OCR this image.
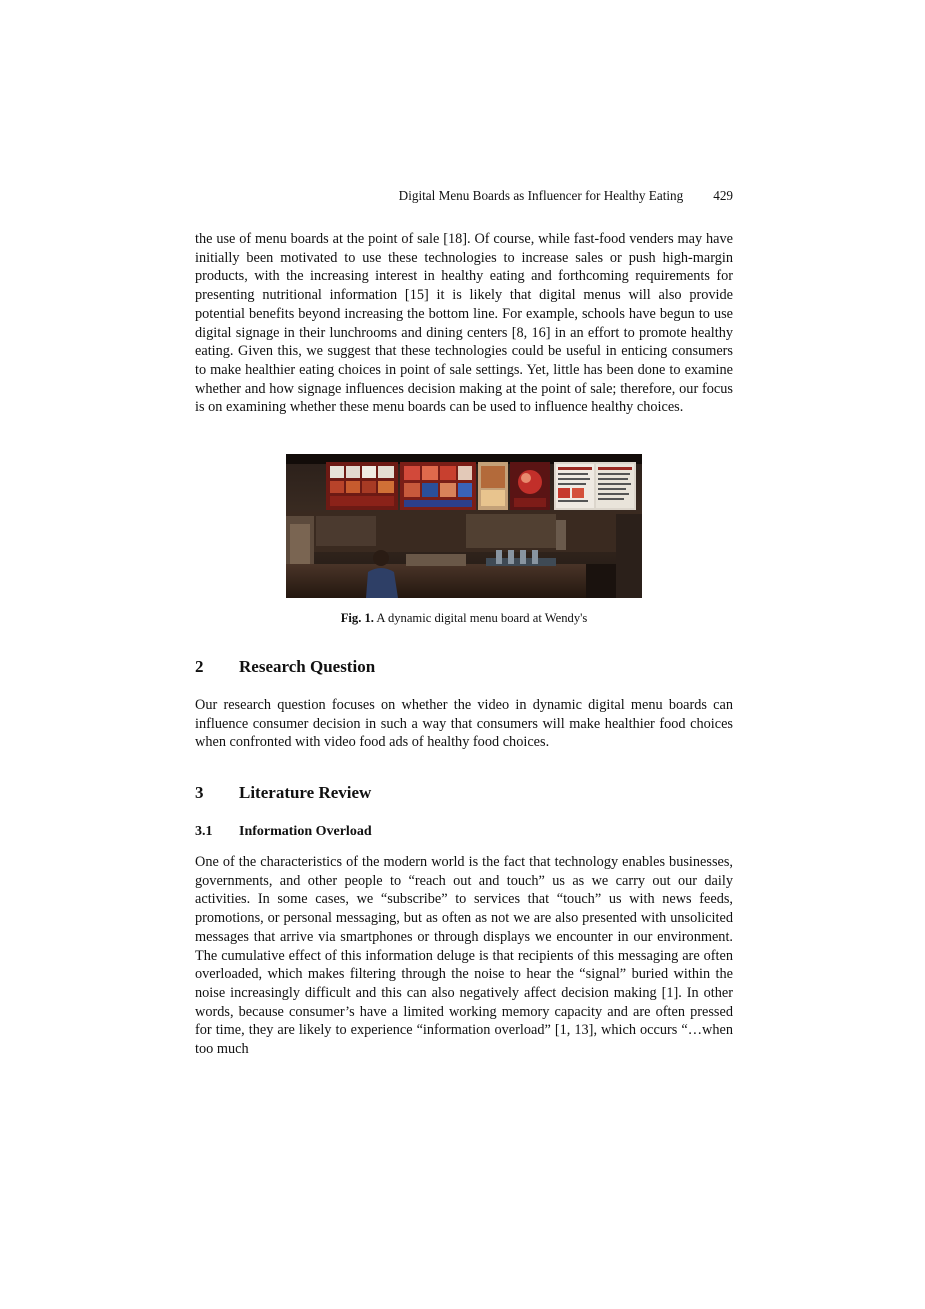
Digital Menu Boards as Influencer for Healthy Eating 429

the use of menu boards at the point of sale [18]. Of course, while fast-food venders may have initially been motivated to use these technologies to increase sales or push high-margin products, with the increasing interest in healthy eating and forthcoming requirements for presenting nutritional information [15] it is likely that digital menus will also provide potential benefits beyond increasing the bottom line. For example, schools have begun to use digital signage in their lunchrooms and dining centers [8, 16] in an effort to promote healthy eating. Given this, we suggest that these technologies could be useful in enticing consumers to make healthier eating choices in point of sale settings. Yet, little has been done to examine whether and how signage influences decision making at the point of sale; therefore, our focus is on examining whether these menu boards can be used to influence healthy choices.

Fig. 1. A dynamic digital menu board at Wendy's
2 Research Question

Our research question focuses on whether the video in dynamic digital menu boards can influence consumer decision in such a way that consumers will make healthier food choices when confronted with video food ads of healthy food choices.

3 Literature Review
3.1 Information Overload

One of the characteristics of the modern world is the fact that technology enables businesses, governments, and other people to “reach out and touch” us as we carry out our daily activities. In some cases, we “subscribe” to services that “touch” us with news feeds, promotions, or personal messaging, but as often as not we are also presented with unsolicited messages that arrive via smartphones or through displays we encounter in our environment. The cumulative effect of this information deluge is that recipients of this messaging are often overloaded, which makes filtering through the noise to hear the “signal” buried within the noise increasingly difficult and this can also negatively affect decision making [1]. In other words, because consumer’s have a limited working memory capacity and are often pressed for time, they are likely to experience “information overload” [1, 13], which occurs “…when too much
